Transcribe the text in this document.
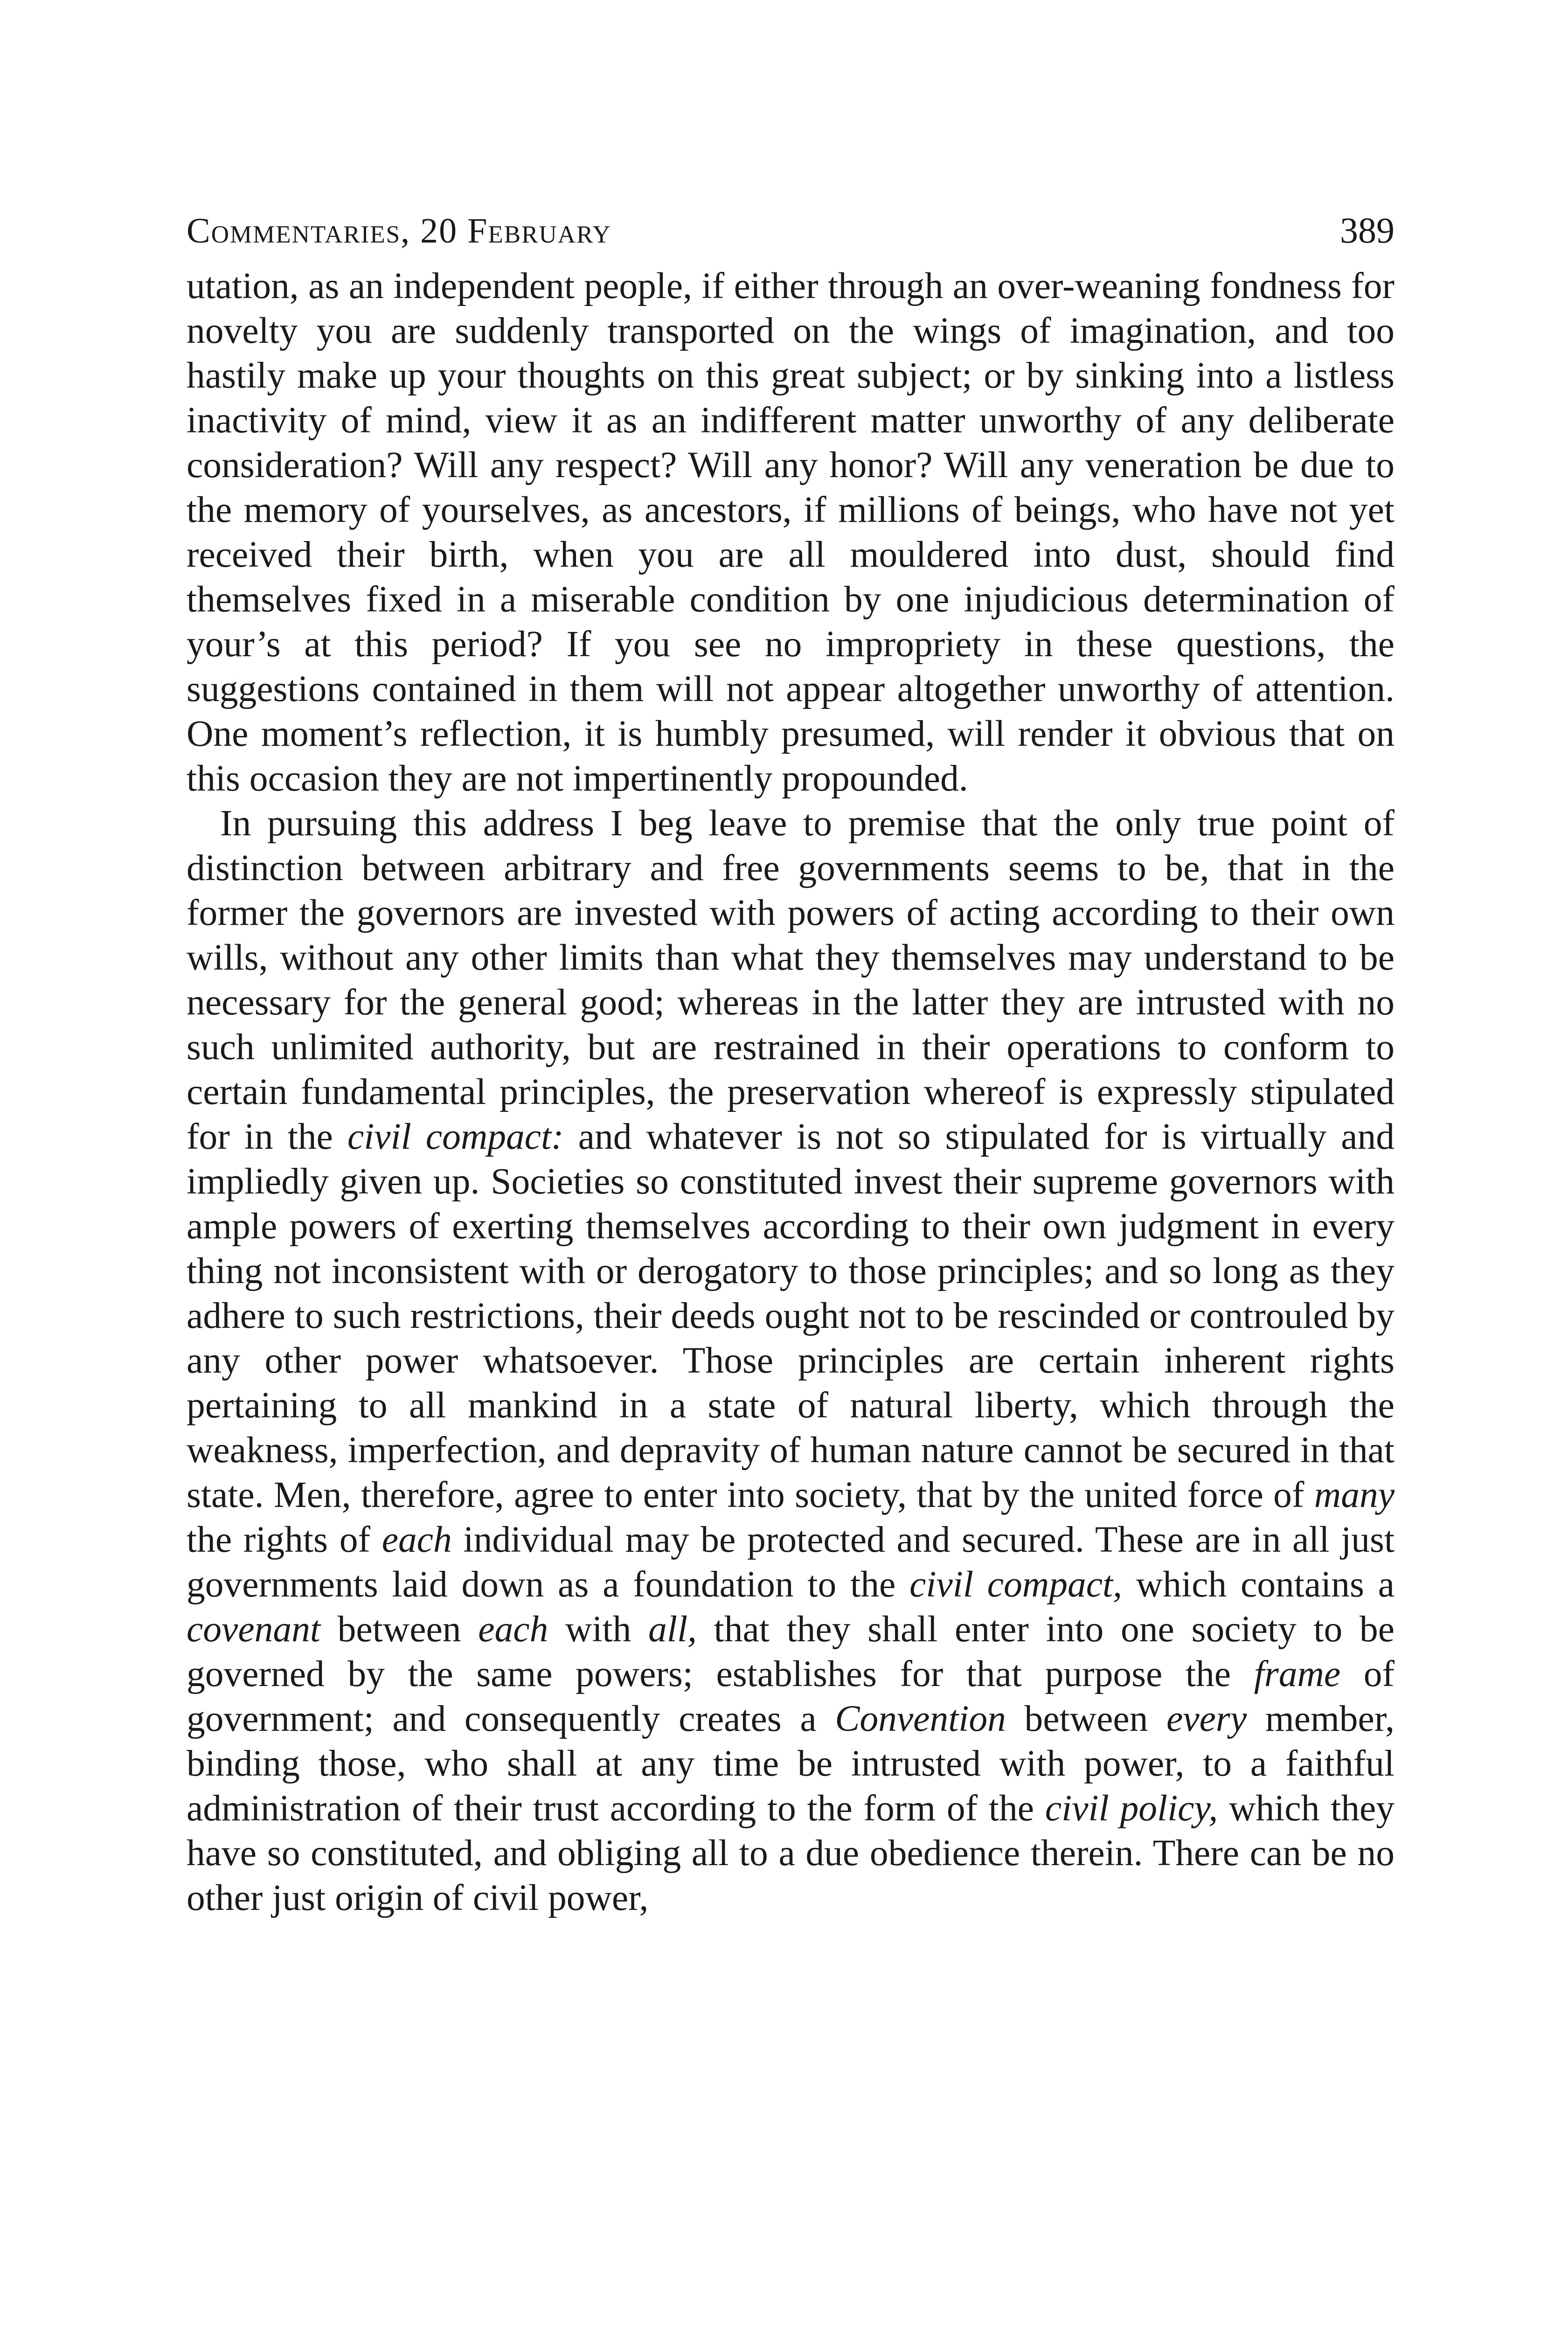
Commentaries, 20 February	389

utation, as an independent people, if either through an over-weaning fondness for novelty you are suddenly transported on the wings of imagination, and too hastily make up your thoughts on this great subject; or by sinking into a listless inactivity of mind, view it as an indifferent matter unworthy of any deliberate consideration? Will any respect? Will any honor? Will any veneration be due to the memory of yourselves, as ancestors, if millions of beings, who have not yet received their birth, when you are all mouldered into dust, should find themselves fixed in a miserable condition by one injudicious determination of your’s at this period? If you see no impropriety in these questions, the suggestions contained in them will not appear altogether unworthy of attention. One moment’s reflection, it is humbly presumed, will render it obvious that on this occasion they are not impertinently propounded.

In pursuing this address I beg leave to premise that the only true point of distinction between arbitrary and free governments seems to be, that in the former the governors are invested with powers of acting according to their own wills, without any other limits than what they themselves may understand to be necessary for the general good; whereas in the latter they are intrusted with no such unlimited authority, but are restrained in their operations to conform to certain fundamental principles, the preservation whereof is expressly stipulated for in the civil compact: and whatever is not so stipulated for is virtually and impliedly given up. Societies so constituted invest their supreme governors with ample powers of exerting themselves according to their own judgment in every thing not inconsistent with or derogatory to those principles; and so long as they adhere to such restrictions, their deeds ought not to be rescinded or controuled by any other power whatsoever. Those principles are certain inherent rights pertaining to all mankind in a state of natural liberty, which through the weakness, imperfection, and depravity of human nature cannot be secured in that state. Men, therefore, agree to enter into society, that by the united force of many the rights of each individual may be protected and secured. These are in all just governments laid down as a foundation to the civil compact, which contains a covenant between each with all, that they shall enter into one society to be governed by the same powers; establishes for that purpose the frame of government; and consequently creates a Convention between every member, binding those, who shall at any time be intrusted with power, to a faithful administration of their trust according to the form of the civil policy, which they have so constituted, and obliging all to a due obedience therein. There can be no other just origin of civil power,
